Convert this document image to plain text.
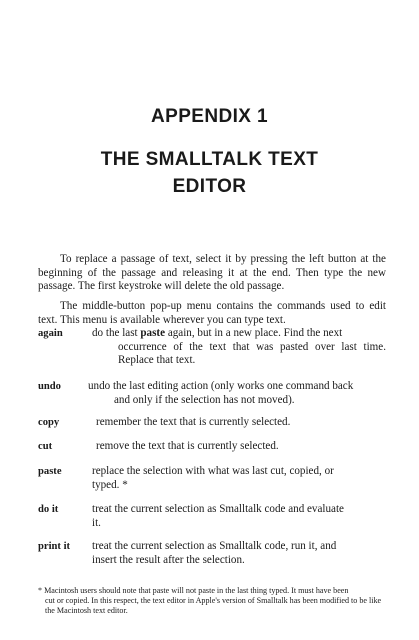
APPENDIX 1
THE SMALLTALK TEXT
EDITOR
To replace a passage of text, select it by pressing the left button at the beginning of the passage and releasing it at the end. Then type the new passage. The first keystroke will delete the old passage.
The middle-button pop-up menu contains the commands used to edit text. This menu is available wherever you can type text.
again	do the last paste again, but in a new place. Find the next
occurrence of the text that was pasted over last time. Replace that text.
undo undo the last editing action (only works one command back
and only if the selection has not moved).
copy	remember the text that is currently selected.
cut	remove the text that is currently selected.
paste	replace the selection with what was last cut, copied, or
typed. *
do it	treat the current selection as Smalltalk code and evaluate
it.
print it treat the current selection as Smalltalk code, run it, and
insert the result after the selection.
* Macintosh users should note that paste will not paste in the last thing typed. It must have been
cut or copied. In this respect, the text editor in Apple's version of Smalltalk has been modified to be like the Macintosh text editor.
